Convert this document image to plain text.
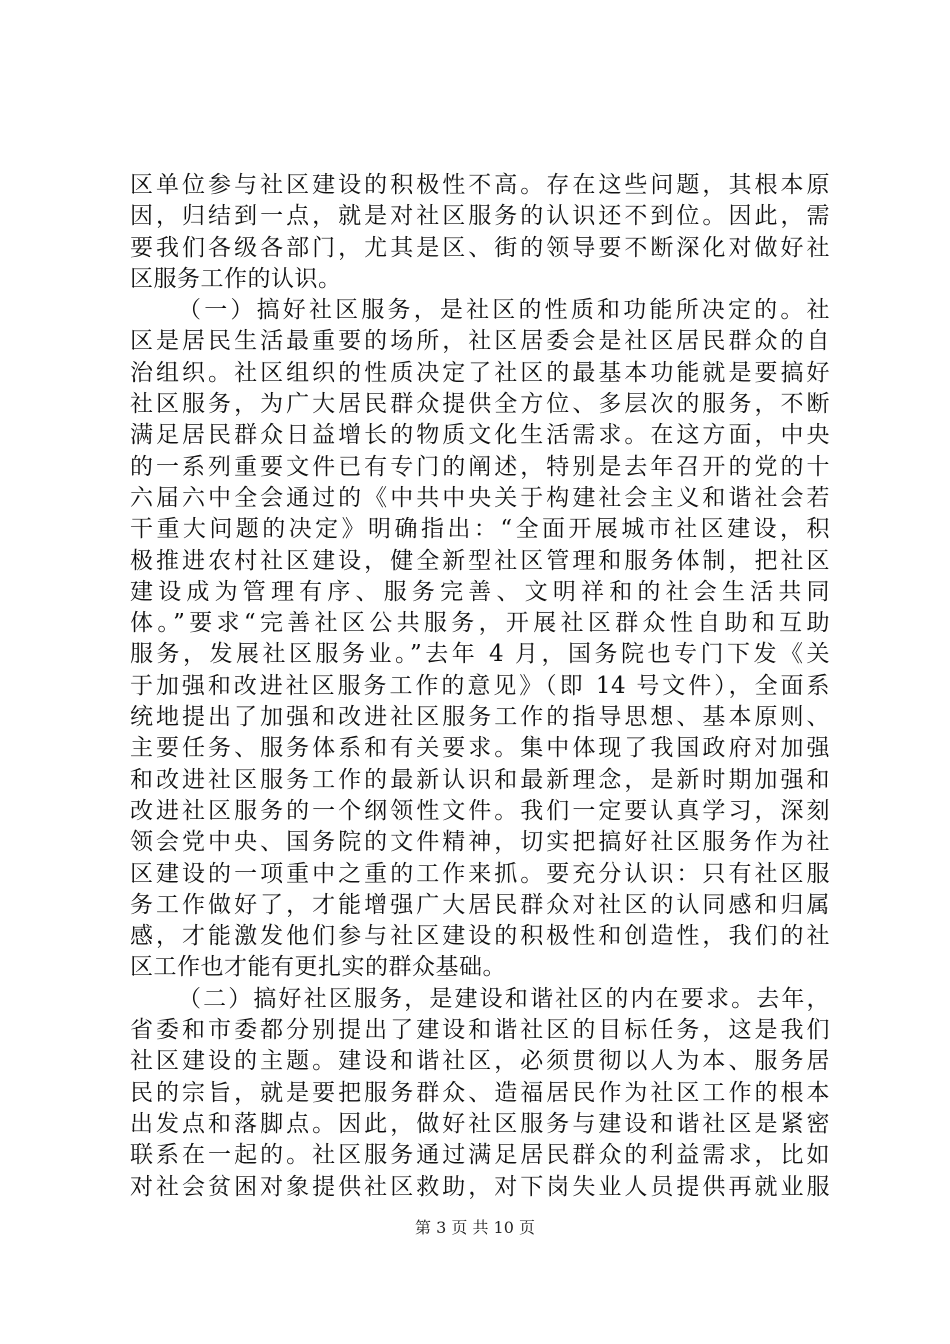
区单位参与社区建设的积极性不高。存在这些问题，其根本原
因，归结到一点，就是对社区服务的认识还不到位。因此，需
要我们各级各部门，尤其是区、街的领导要不断深化对做好社
区服务工作的认识。
（一）搞好社区服务，是社区的性质和功能所决定的。社
区是居民生活最重要的场所，社区居委会是社区居民群众的自
治组织。社区组织的性质决定了社区的最基本功能就是要搞好
社区服务，为广大居民群众提供全方位、多层次的服务，不断
满足居民群众日益增长的物质文化生活需求。在这方面，中央
的一系列重要文件已有专门的阐述，特别是去年召开的党的十
六届六中全会通过的《中共中央关于构建社会主义和谐社会若
干重大问题的决定》明确指出：“全面开展城市社区建设，积
极推进农村社区建设，健全新型社区管理和服务体制，把社区
建设成为管理有序、服务完善、文明祥和的社会生活共同
体。”要求“完善社区公共服务，开展社区群众性自助和互助
服务，发展社区服务业。”去年 4 月，国务院也专门下发《关
于加强和改进社区服务工作的意见》（即 14 号文件），全面系
统地提出了加强和改进社区服务工作的指导思想、基本原则、
主要任务、服务体系和有关要求。集中体现了我国政府对加强
和改进社区服务工作的最新认识和最新理念，是新时期加强和
改进社区服务的一个纲领性文件。我们一定要认真学习，深刻
领会党中央、国务院的文件精神，切实把搞好社区服务作为社
区建设的一项重中之重的工作来抓。要充分认识：只有社区服
务工作做好了，才能增强广大居民群众对社区的认同感和归属
感，才能激发他们参与社区建设的积极性和创造性，我们的社
区工作也才能有更扎实的群众基础。
（二）搞好社区服务，是建设和谐社区的内在要求。去年，
省委和市委都分别提出了建设和谐社区的目标任务，这是我们
社区建设的主题。建设和谐社区，必须贯彻以人为本、服务居
民的宗旨，就是要把服务群众、造福居民作为社区工作的根本
出发点和落脚点。因此，做好社区服务与建设和谐社区是紧密
联系在一起的。社区服务通过满足居民群众的利益需求，比如
对社会贫困对象提供社区救助，对下岗失业人员提供再就业服
第 3 页 共 10 页
